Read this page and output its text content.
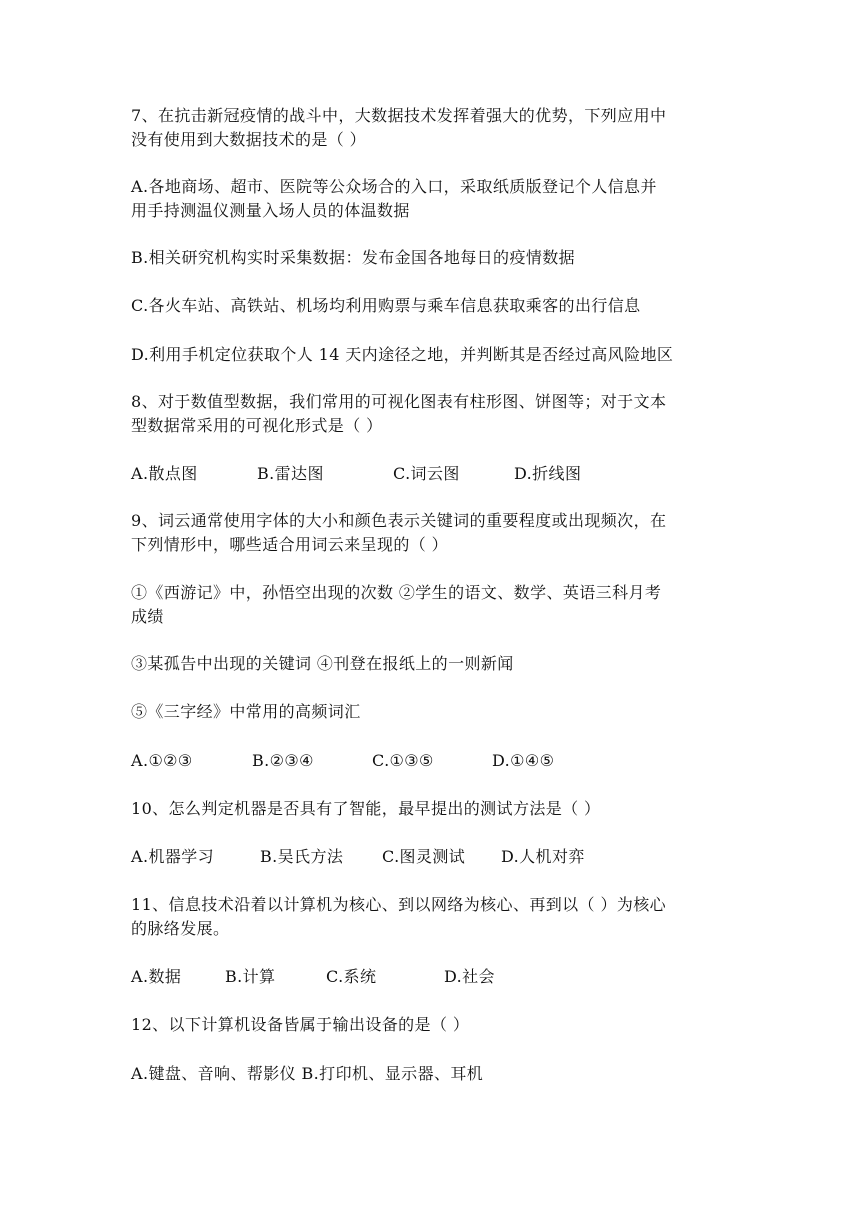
7、在抗击新冠疫情的战斗中，大数据技术发挥着强大的优势，下列应用中
没有使用到大数据技术的是（ ）
A.各地商场、超市、医院等公众场合的入口，采取纸质版登记个人信息并
用手持测温仪测量入场人员的体温数据
B.相关研究机构实时采集数据：发布金国各地每日的疫情数据
C.各火车站、高铁站、机场均利用购票与乘车信息获取乘客的出行信息
D.利用手机定位获取个人 14 天内途径之地，并判断其是否经过高风险地区
8、对于数值型数据，我们常用的可视化图表有柱形图、饼图等；对于文本
型数据常采用的可视化形式是（ ）
A.散点图	B.雷达图	C.词云图	D.折线图
9、词云通常使用字体的大小和颜色表示关键词的重要程度或出现频次，在
下列情形中，哪些适合用词云来呈现的（ ）
①《西游记》中，孙悟空出现的次数 ②学生的语文、数学、英语三科月考
成绩
③某孤告中出现的关键词 ④刊登在报纸上的一则新闻
⑤《三字经》中常用的高频词汇
A.①②③	B.②③④	C.①③⑤	D.①④⑤
10、怎么判定机器是否具有了智能，最早提出的测试方法是（ ）
A.机器学习	B.吴氏方法 C.图灵测试 D.人机对弈
11、信息技术沿着以计算机为核心、到以网络为核心、再到以（ ）为核心
的脉络发展。
A.数据	B.计算	C.系统	D.社会
12、以下计算机设备皆属于输出设备的是（ ）
A.键盘、音响、帮影仪 B.打印机、显示器、耳机
